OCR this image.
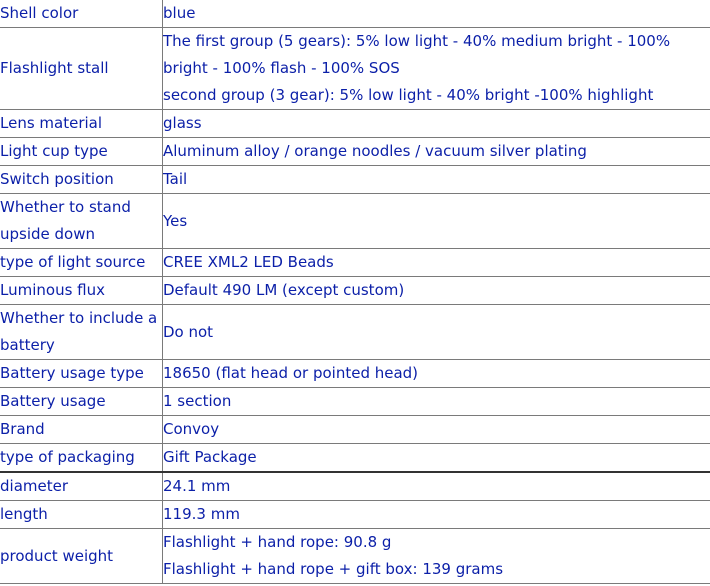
Shell color	blue

Flashlight stall	The first group (5 gears): 5% low light - 40% medium bright - 100% bright - 100% flash - 100% SOS
second group (3 gear): 5% low light - 40% bright -100% highlight

Lens material	glass

Light cup type	Aluminum alloy / orange noodles / vacuum silver plating

Switch position	Tail

Whether to stand upside down	Yes

type of light source	CREE XML2 LED Beads

Luminous flux	Default 490 LM (except custom)

Whether to include a battery	Do not

Battery usage type	18650 (flat head or pointed head)

Battery usage	1 section

Brand	Convoy

type of packaging	Gift Package

diameter	24.1 mm

length	119.3 mm

product weight	Flashlight + hand rope: 90.8 g
Flashlight + hand rope + gift box: 139 grams
